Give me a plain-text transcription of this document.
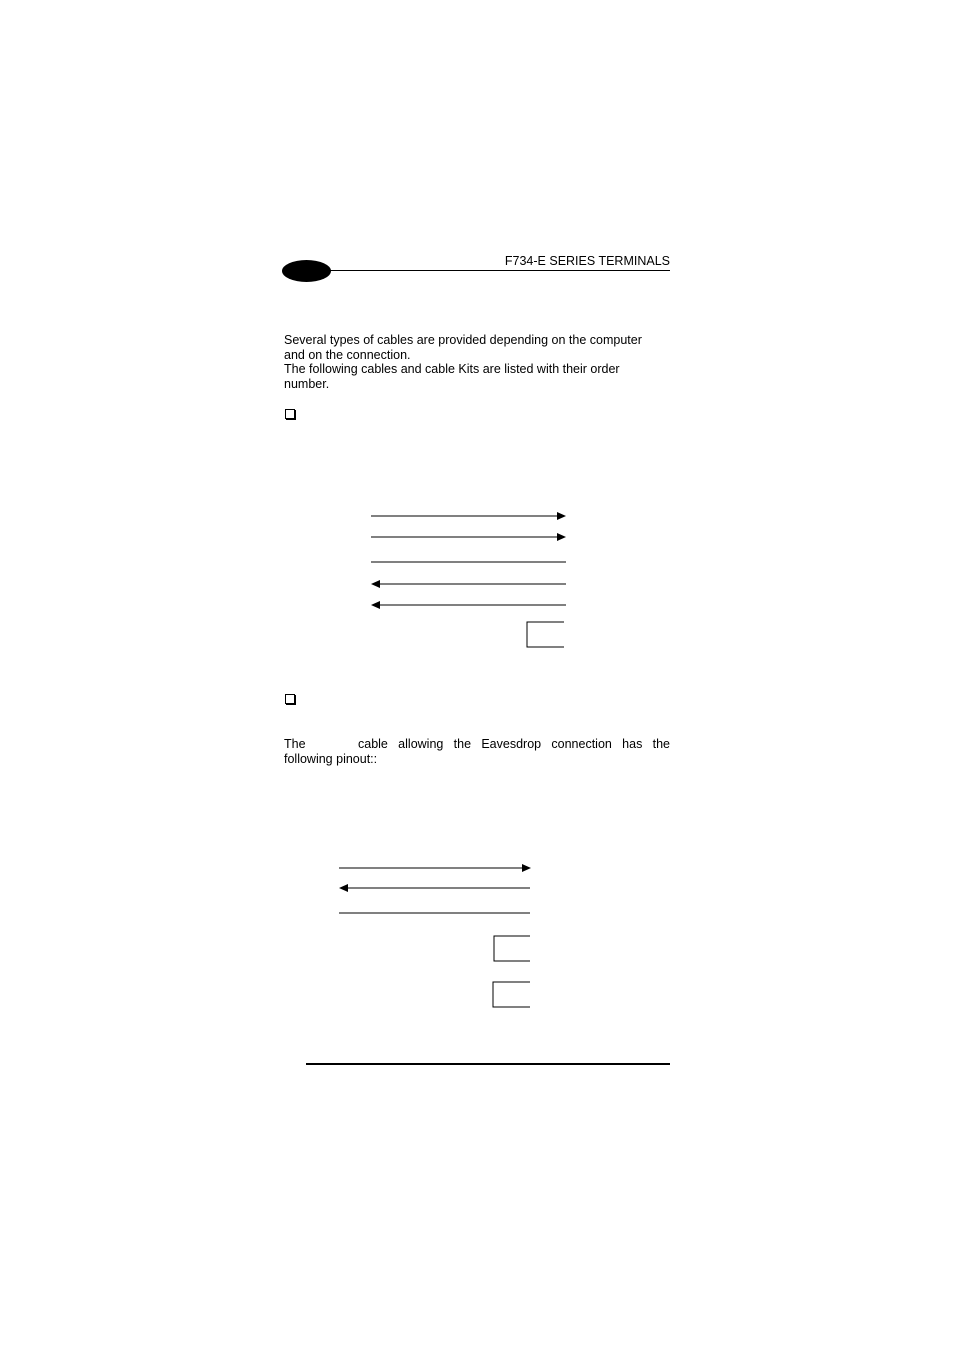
F734-E SERIES TERMINALS

Several types of cables are provided depending on the computer

and on the connection.

The following cables and cable Kits are listed with their order

number.

The	cable allowing the Eavesdrop connection has the

following pinout::
